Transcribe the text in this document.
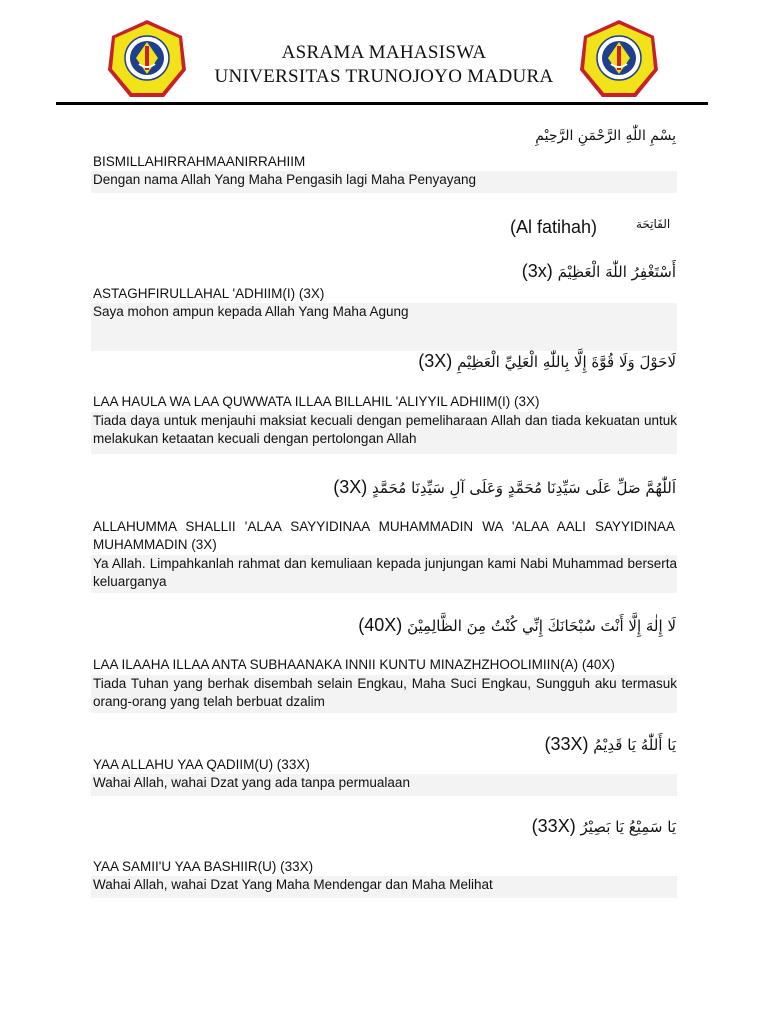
ASRAMA MAHASISWA
UNIVERSITAS TRUNOJOYO MADURA
بِسْمِ اللّٰهِ الرَّحْمَنِ الرَّحِيْمِ
BISMILLAHIRRAHMAANIRRAHIIM
Dengan nama Allah Yang Maha Pengasih lagi Maha Penyayang
(Al fatihah)	الفَاتِحَة
أَسْتَغْفِرُ اللّٰهَ الْعَظِيْمَ (3x)
ASTAGHFIRULLAHAL 'ADHIIM(I) (3X)
Saya mohon ampun kepada Allah Yang Maha Agung
لَاحَوْلَ وَلَا قُوَّةَ إِلَّا بِاللّٰهِ الْعَلِيِّ الْعَظِيْمِ (3X)
LAA HAULA WA LAA QUWWATA ILLAA BILLAHIL 'ALIYYIL ADHIIM(I) (3X)
Tiada daya untuk menjauhi maksiat kecuali dengan pemeliharaan Allah dan tiada kekuatan untuk melakukan ketaatan kecuali dengan pertolongan Allah
اَللّٰهُمَّ صَلِّ عَلَى سَيِّدِنَا مُحَمَّدٍ وَعَلَى آلِ سَيِّدِنَا مُحَمَّدٍ (3X)
ALLAHUMMA SHALLII 'ALAA SAYYIDINAA MUHAMMADIN WA 'ALAA AALI SAYYIDINAA MUHAMMADIN (3X)
Ya Allah. Limpahkanlah rahmat dan kemuliaan kepada junjungan kami Nabi Muhammad berserta keluarganya
لَا إِلٰهَ إِلَّا أَنْتَ سُبْحَانَكَ إِنِّي كُنْتُ مِنَ الظَّالِمِيْنَ (40X)
LAA ILAAHA ILLAA ANTA SUBHAANAKA INNII KUNTU MINAZHZHOOLIMIIN(A) (40X)
Tiada Tuhan yang berhak disembah selain Engkau, Maha Suci Engkau, Sungguh aku termasuk orang-orang yang telah berbuat dzalim
يَا أَللّٰهُ يَا قَدِيْمُ (33X)
YAA ALLAHU YAA QADIIM(U) (33X)
Wahai Allah, wahai Dzat yang ada tanpa permualaan
يَا سَمِيْعُ يَا بَصِيْرُ (33X)
YAA SAMII'U YAA BASHIIR(U) (33X)
Wahai Allah, wahai Dzat Yang Maha Mendengar dan Maha Melihat
